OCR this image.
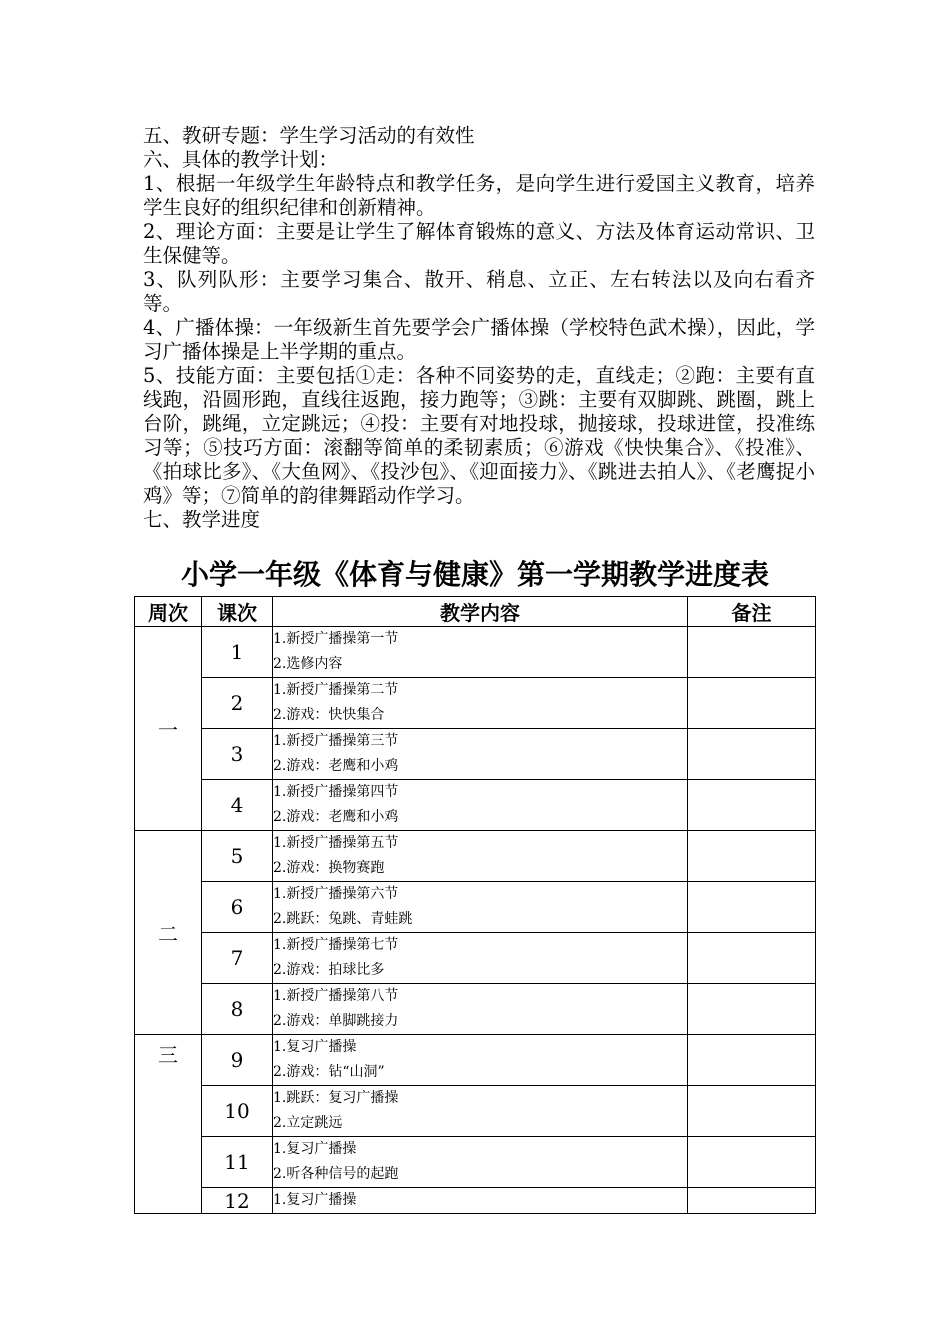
五、教研专题：学生学习活动的有效性

六、具体的教学计划：

1、根据一年级学生年龄特点和教学任务，是向学生进行爱国主义教育，培养学生良好的组织纪律和创新精神。

2、理论方面：主要是让学生了解体育锻炼的意义、方法及体育运动常识、卫生保健等。

3、队列队形：主要学习集合、散开、稍息、立正、左右转法以及向右看齐等。

4、广播体操：一年级新生首先要学会广播体操（学校特色武术操），因此，学习广播体操是上半学期的重点。

5、技能方面：主要包括①走：各种不同姿势的走，直线走；②跑：主要有直线跑，沿圆形跑，直线往返跑，接力跑等；③跳：主要有双脚跳、跳圈，跳上台阶，跳绳，立定跳远；④投：主要有对地投球，抛接球，投球进筐，投准练习等；⑤技巧方面：滚翻等简单的柔韧素质；⑥游戏《快快集合》、《投准》、《拍球比多》、《大鱼网》、《投沙包》、《迎面接力》、《跳进去拍人》、《老鹰捉小鸡》等；⑦简单的韵律舞蹈动作学习。

七、教学进度

小学一年级《体育与健康》第一学期教学进度表
周次	课次	教学内容	备注
一	1	1.新授广播操第一节
2.选修内容	

	2	1.新授广播操第二节
2.游戏：快快集合	

	3	1.新授广播操第三节
2.游戏：老鹰和小鸡	

	4	1.新授广播操第四节
2.游戏：老鹰和小鸡	

二	5	1.新授广播操第五节
2.游戏：换物赛跑	

	6	1.新授广播操第六节
2.跳跃：兔跳、青蛙跳	

	7	1.新授广播操第七节
2.游戏：拍球比多	

	8	1.新授广播操第八节
2.游戏：单脚跳接力	

三	9	1.复习广播操
2.游戏：钻“山洞”	

	10	1.跳跃：复习广播操
2.立定跳远	

	11	1.复习广播操
2.听各种信号的起跑	

	12	1.复习广播操	
